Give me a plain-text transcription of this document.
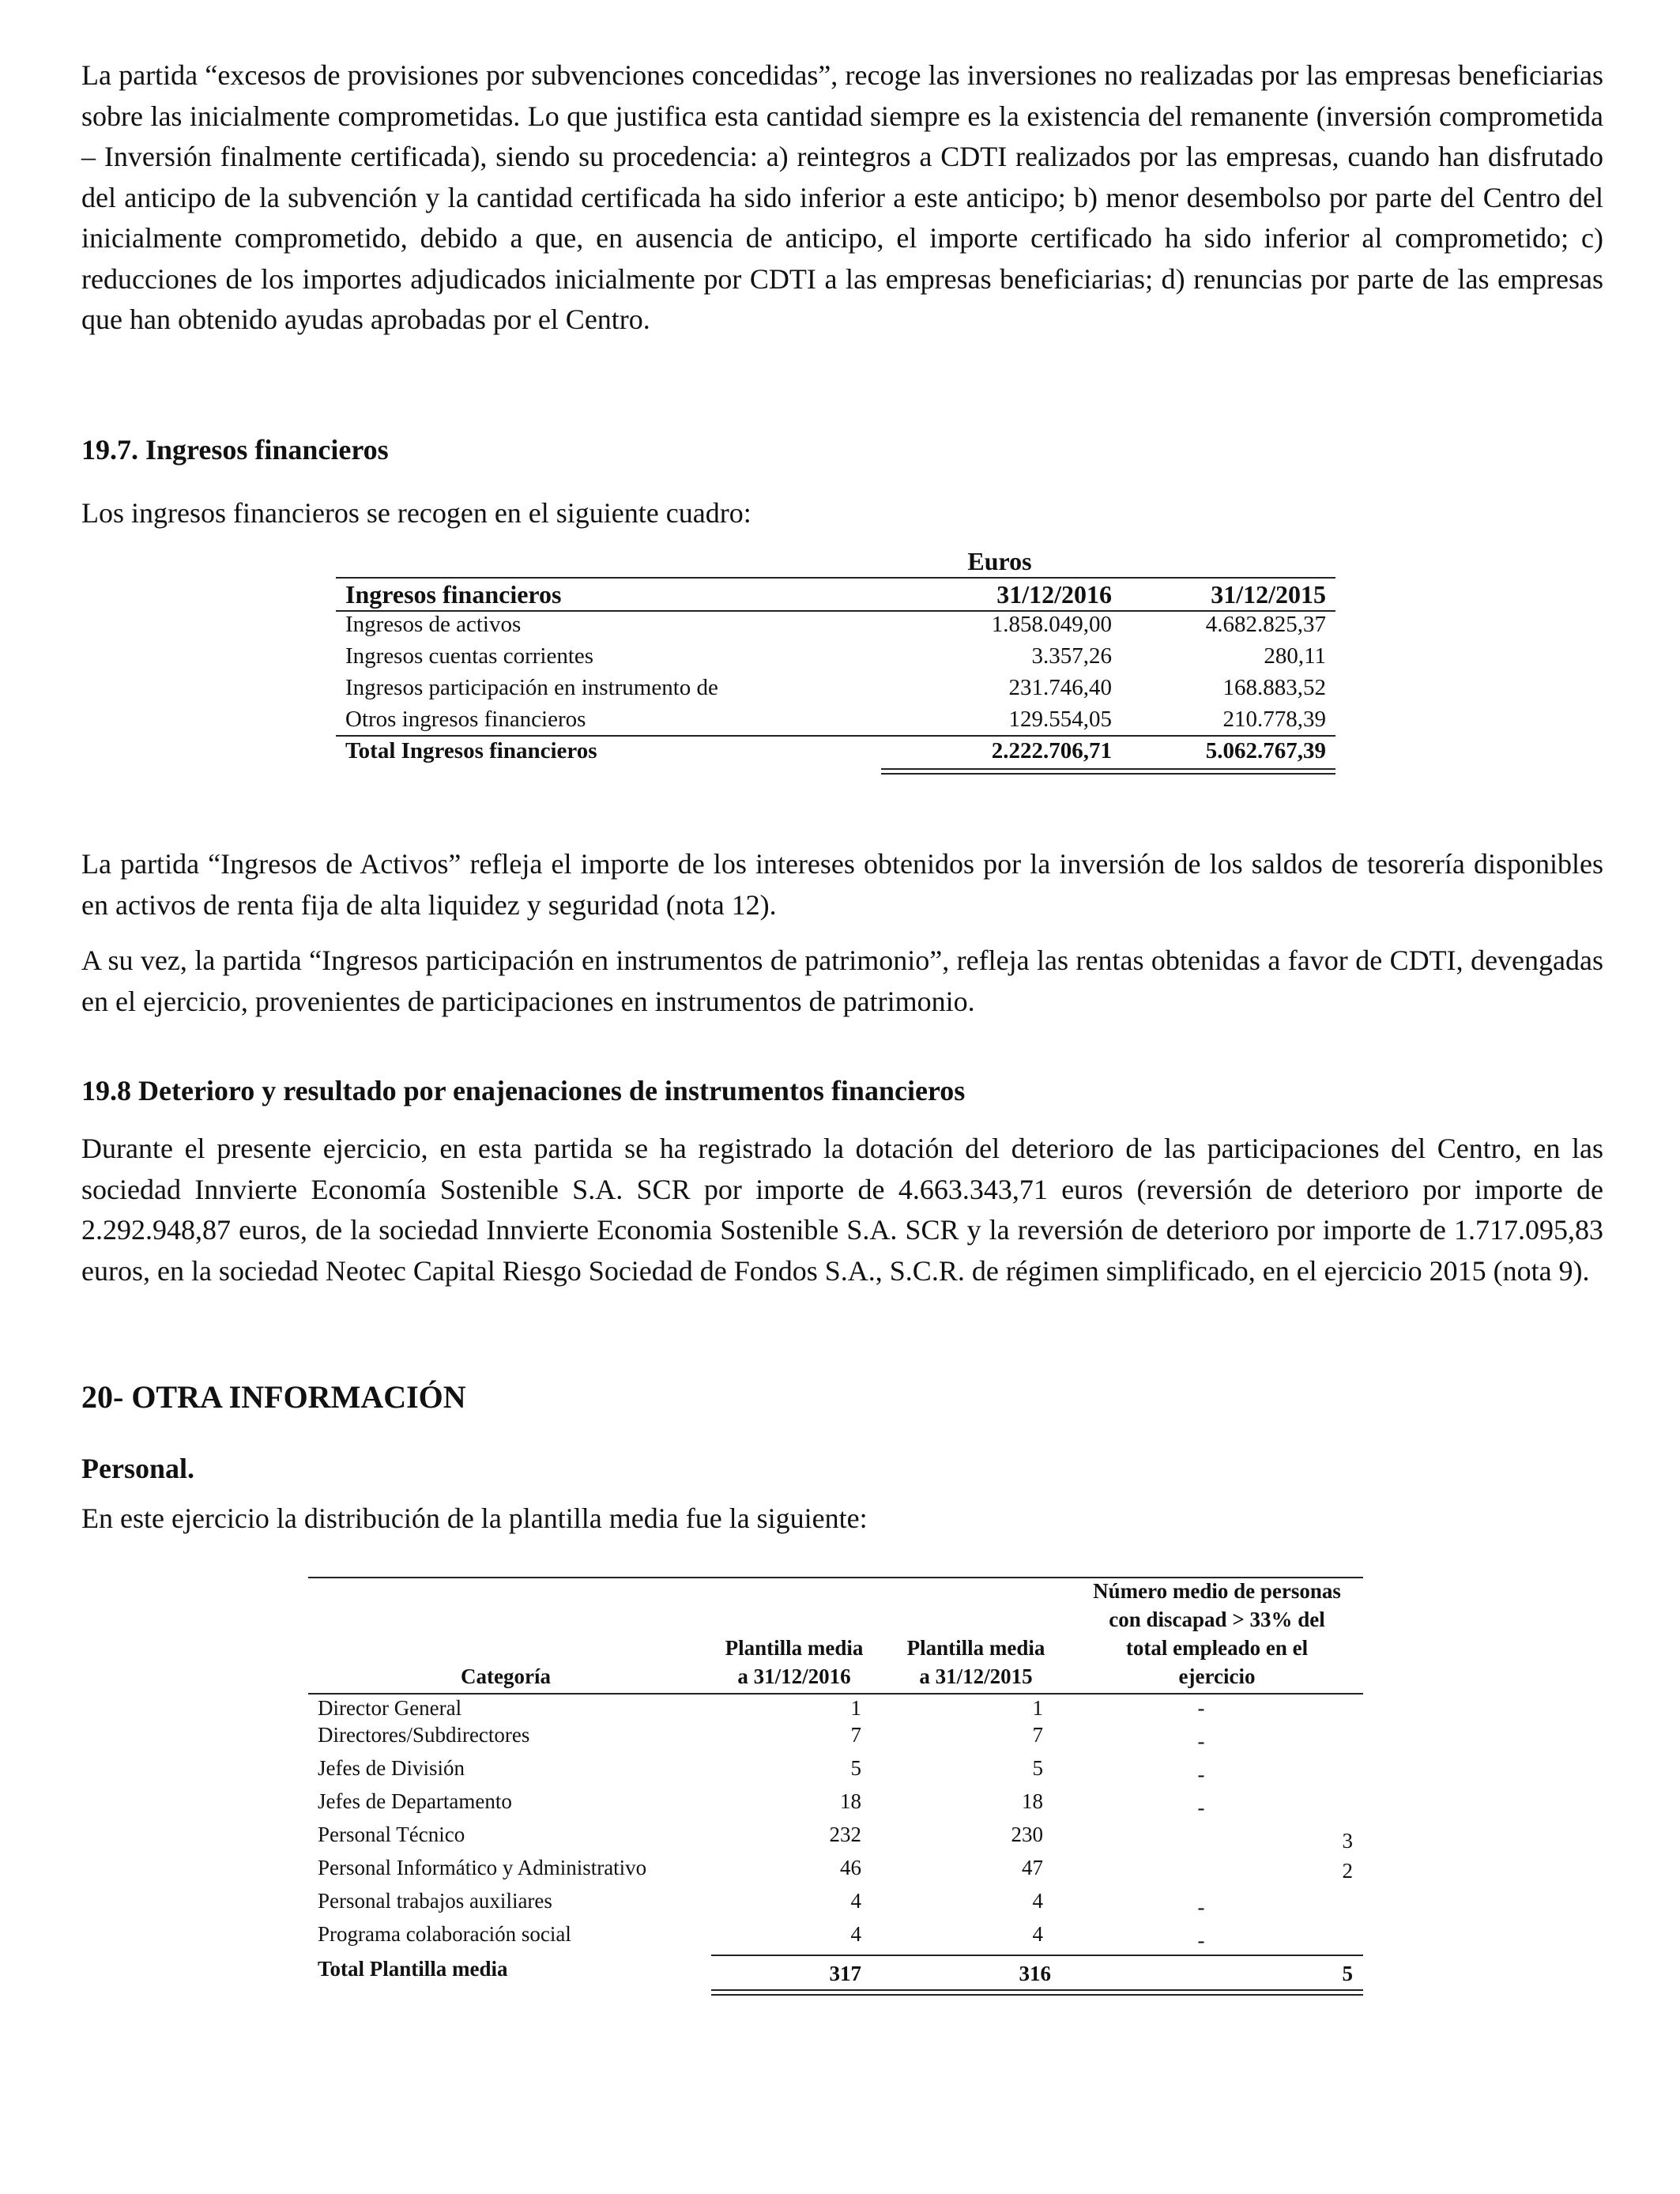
La partida “excesos de provisiones por subvenciones concedidas”, recoge las inversiones no realizadas por las empresas beneficiarias sobre las inicialmente comprometidas. Lo que justifica esta cantidad siempre es la existencia del remanente (inversión comprometida – Inversión finalmente certificada), siendo su procedencia: a) reintegros a CDTI realizados por las empresas, cuando han disfrutado del anticipo de la subvención y la cantidad certificada ha sido inferior a este anticipo; b) menor desembolso por parte del Centro del inicialmente comprometido, debido a que, en ausencia de anticipo, el importe certificado ha sido inferior al comprometido; c) reducciones de los importes adjudicados inicialmente por CDTI a las empresas beneficiarias; d) renuncias por parte de las empresas que han obtenido ayudas aprobadas por el Centro.

19.7. Ingresos financieros

Los ingresos financieros se recogen en el siguiente cuadro:

Euros
Ingresos financieros	31/12/2016	31/12/2015
Ingresos de activos	1.858.049,00	4.682.825,37
Ingresos cuentas corrientes	3.357,26	280,11
Ingresos participación en instrumento de	231.746,40	168.883,52
Otros ingresos financieros	129.554,05	210.778,39
Total Ingresos financieros	2.222.706,71	5.062.767,39

La partida “Ingresos de Activos” refleja el importe de los intereses obtenidos por la inversión de los saldos de tesorería disponibles en activos de renta fija de alta liquidez y seguridad (nota 12).

A su vez, la partida “Ingresos participación en instrumentos de patrimonio”, refleja las rentas obtenidas a favor de CDTI, devengadas en el ejercicio, provenientes de participaciones en instrumentos de patrimonio.

19.8 Deterioro y resultado por enajenaciones de instrumentos financieros

Durante el presente ejercicio, en esta partida se ha registrado la dotación del deterioro de las participaciones del Centro, en las sociedad Innvierte Economía Sostenible S.A. SCR por importe de 4.663.343,71 euros (reversión de deterioro por importe de 2.292.948,87 euros, de la sociedad Innvierte Economia Sostenible S.A. SCR y la reversión de deterioro por importe de 1.717.095,83 euros, en la sociedad Neotec Capital Riesgo Sociedad de Fondos S.A., S.C.R. de régimen simplificado, en el ejercicio 2015 (nota 9).

20- OTRA INFORMACIÓN
Personal.

En este ejercicio la distribución de la plantilla media fue la siguiente:

Categoría
Plantilla media
a 31/12/2016
Plantilla media
a 31/12/2015
Número medio de personas
con discapad > 33% del
total empleado en el
ejercicio
Director General	1	1	-
Directores/Subdirectores	7	7	-
Jefes de División	5	5	-
Jefes de Departamento	18	18	-
Personal Técnico	232	230	3
Personal Informático y Administrativo	46	47	2
Personal trabajos auxiliares	4	4	-
Programa colaboración social	4	4	-
Total Plantilla media	317	316	5
